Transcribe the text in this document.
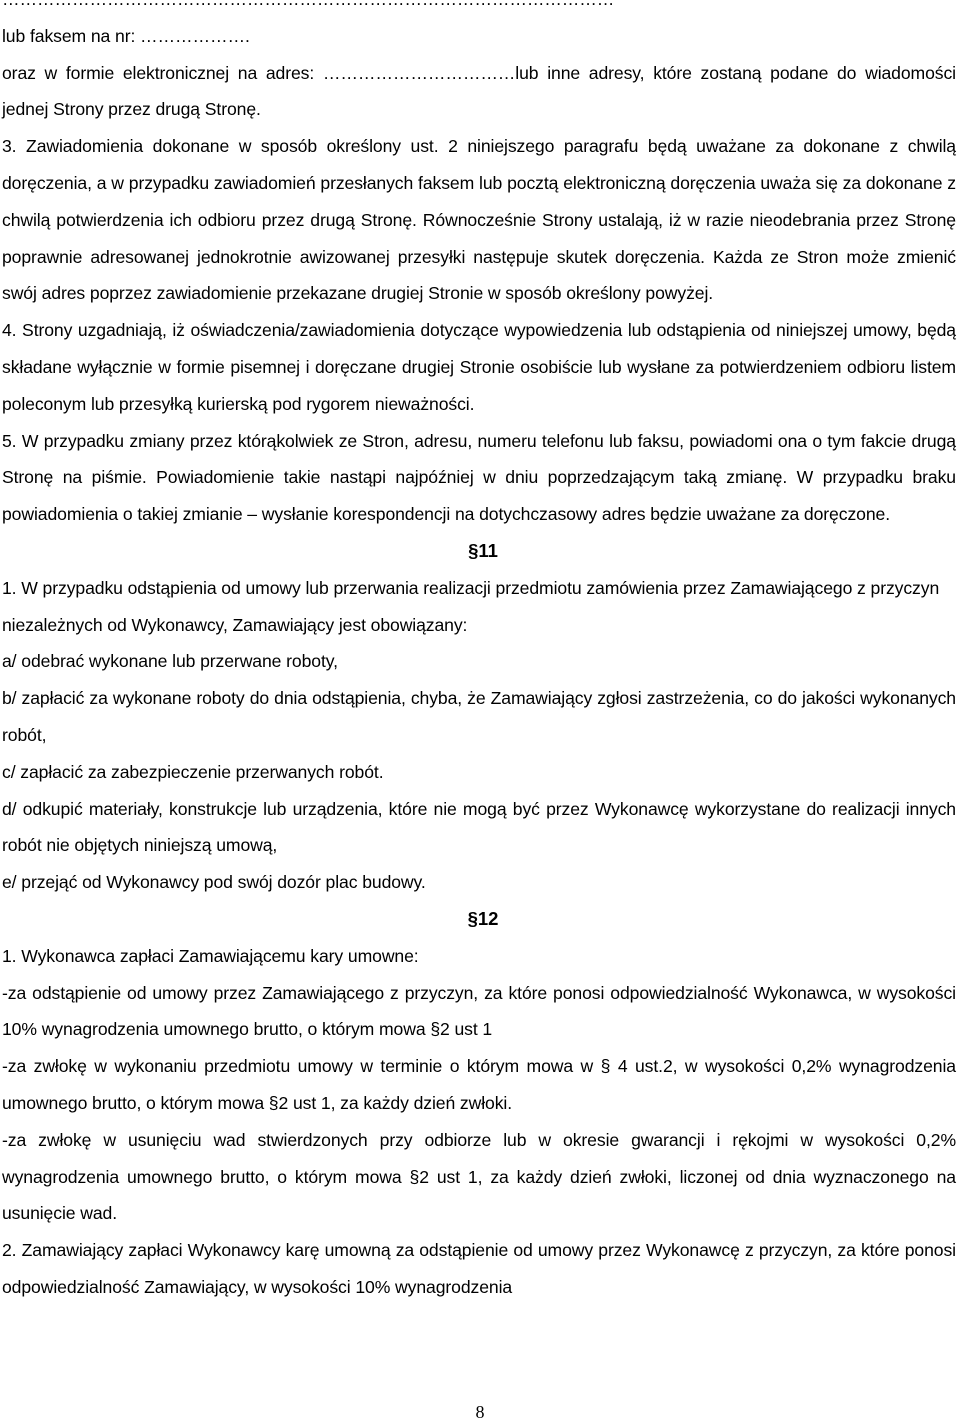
lub faksem na nr: ……………….

oraz w formie elektronicznej na adres: ……………………………lub inne adresy, które zostaną podane do wiadomości jednej Strony przez drugą Stronę.

3. Zawiadomienia dokonane w sposób określony ust. 2 niniejszego paragrafu będą uważane za dokonane z chwilą doręczenia, a w przypadku zawiadomień przesłanych faksem lub pocztą elektroniczną doręczenia uważa się za dokonane z chwilą potwierdzenia ich odbioru przez drugą Stronę. Równocześnie Strony ustalają, iż w razie nieodebrania przez Stronę poprawnie adresowanej jednokrotnie awizowanej przesyłki następuje skutek doręczenia. Każda ze Stron może zmienić swój adres poprzez zawiadomienie przekazane drugiej Stronie w sposób określony powyżej.

4. Strony uzgadniają, iż oświadczenia/zawiadomienia dotyczące wypowiedzenia lub odstąpienia od niniejszej umowy, będą składane wyłącznie w formie pisemnej i doręczane drugiej Stronie osobiście lub wysłane za potwierdzeniem odbioru listem poleconym lub przesyłką kurierską pod rygorem nieważności.

5. W przypadku zmiany przez którąkolwiek ze Stron, adresu, numeru telefonu lub faksu, powiadomi ona o tym fakcie drugą Stronę na piśmie. Powiadomienie takie nastąpi najpóźniej w dniu poprzedzającym taką zmianę. W przypadku braku powiadomienia o takiej zmianie – wysłanie korespondencji na dotychczasowy adres będzie uważane za doręczone.

§11

1. W przypadku odstąpienia od umowy lub przerwania realizacji przedmiotu zamówienia przez Zamawiającego z przyczyn niezależnych od Wykonawcy, Zamawiający jest obowiązany:

a/ odebrać wykonane lub przerwane roboty,

b/ zapłacić za wykonane roboty do dnia odstąpienia, chyba, że Zamawiający zgłosi zastrzeżenia, co do jakości wykonanych robót,

c/ zapłacić za zabezpieczenie przerwanych robót.

d/ odkupić materiały, konstrukcje lub urządzenia, które nie mogą być przez Wykonawcę wykorzystane do realizacji innych robót nie objętych niniejszą umową,

e/ przejąć od Wykonawcy pod swój dozór plac budowy.

§12

1. Wykonawca zapłaci Zamawiającemu kary umowne:

-za odstąpienie od umowy przez Zamawiającego z przyczyn, za które ponosi odpowiedzialność Wykonawca, w wysokości 10% wynagrodzenia umownego brutto, o którym mowa §2 ust 1

-za zwłokę w wykonaniu przedmiotu umowy w terminie o którym mowa w § 4 ust.2, w wysokości 0,2% wynagrodzenia umownego brutto, o którym mowa §2 ust 1, za każdy dzień zwłoki.

-za zwłokę w usunięciu wad stwierdzonych przy odbiorze lub w okresie gwarancji i rękojmi w wysokości 0,2% wynagrodzenia umownego brutto, o którym mowa §2 ust 1, za każdy dzień zwłoki, liczonej od dnia wyznaczonego na usunięcie wad.

2. Zamawiający zapłaci Wykonawcy karę umowną za odstąpienie od umowy przez Wykonawcę z przyczyn, za które ponosi odpowiedzialność Zamawiający, w wysokości 10% wynagrodzenia

8
